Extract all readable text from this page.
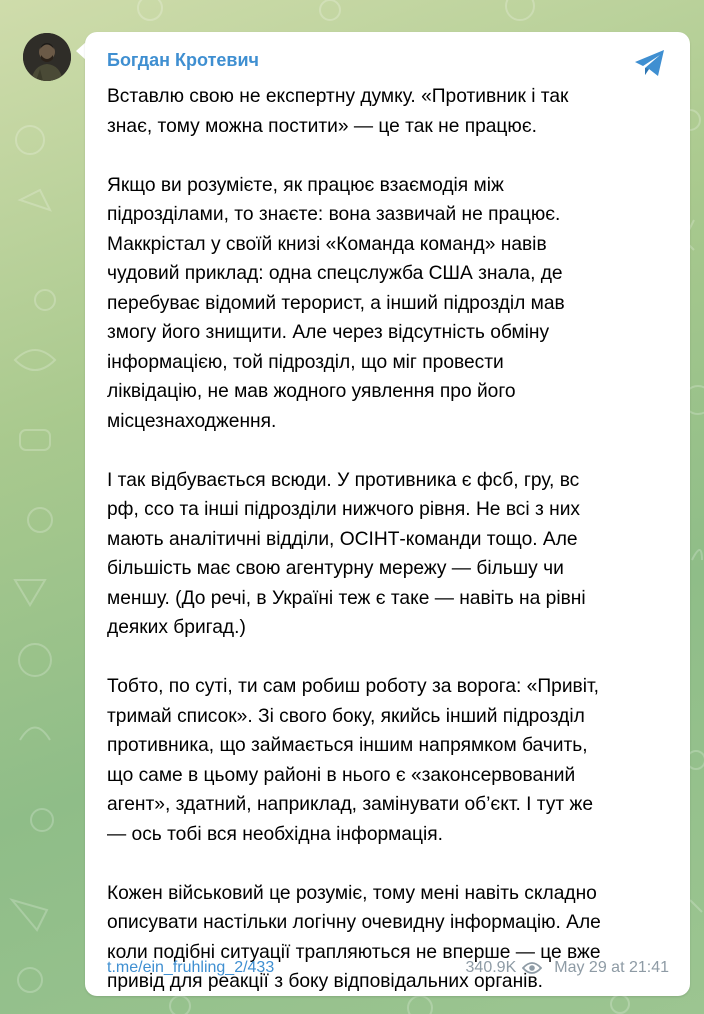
Богдан Кротевич

Вставлю свою не експертну думку. «Противник і так
знає, тому можна постити» — це так не працює.

Якщо ви розумієте, як працює взаємодія між
підрозділами, то знаєте: вона зазвичай не працює.
Маккрістал у своїй книзі «Команда команд» навів
чудовий приклад: одна спецслужба США знала, де
перебуває відомий терорист, а інший підрозділ мав
змогу його знищити. Але через відсутність обміну
інформацією, той підрозділ, що міг провести
ліквідацію, не мав жодного уявлення про його
місцезнаходження.

І так відбувається всюди. У противника є фсб, гру, вс
рф, ссо та інші підрозділи нижчого рівня. Не всі з них
мають аналітичні відділи, ОСІНТ-команди тощо. Але
більшість має свою агентурну мережу — більшу чи
меншу. (До речі, в Україні теж є таке — навіть на рівні
деяких бригад.)

Тобто, по суті, ти сам робиш роботу за ворога: «Привіт,
тримай список». Зі свого боку, якийсь інший підрозділ
противника, що займається іншим напрямком бачить,
що саме в цьому районі в нього є «законсервований
агент», здатний, наприклад, замінувати об’єкт. І тут же
— ось тобі вся необхідна інформація.

Кожен військовий це розуміє, тому мені навіть складно
описувати настільки логічну очевидну інформацію. Але
коли подібні ситуації трапляються не вперше — це вже
привід для реакції з боку відповідальних органів.

t.me/ein_fruhling_2/433	340.9K May 29 at 21:41
